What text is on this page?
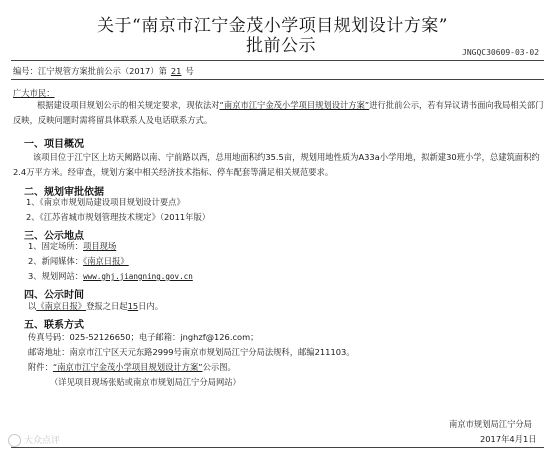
关于“南京市江宁金茂小学项目规划设计方案”
批前公示	JNGQC30609-03-02
编号：江宁规管方案批前公示（2017）第 21 号
广大市民：
根据建设项目规划公示的相关规定要求，现依法对“南京市江宁金茂小学项目规划设计方案”进行批前公示，若有异议请书面向我局相关部门反映，反映问题时需将留具体联系人及电话联系方式。
一、项目概况
该项目位于江宁区上坊天阙路以南、宁前路以西，总用地面积约35.5亩，规划用地性质为A33a小学用地，拟新建30班小学，总建筑面积约2.4万平方米。经审查，规划方案中相关经济技术指标、停车配套等满足相关规范要求。
二、规划审批依据
1、《南京市规划局建设项目规划设计要点》
2、《江苏省城市规划管理技术规定》（2011年版）
三、公示地点
1、固定场所：项目现场
2、新闻媒体：《南京日报》
3、规划网站：www.ghj.jiangning.gov.cn
四、公示时间
以《南京日报》登报之日起15日内。
五、联系方式
传真号码：025-52126650；电子邮箱：jnghzf@126.com；
邮寄地址：南京市江宁区天元东路2999号南京市规划局江宁分局法规科，邮编211103。
附件：“南京市江宁金茂小学项目规划设计方案”公示图。
（详见项目现场张贴或南京市规划局江宁分局网站）
南京市规划局江宁分局
2017年4月1日
大众点评
